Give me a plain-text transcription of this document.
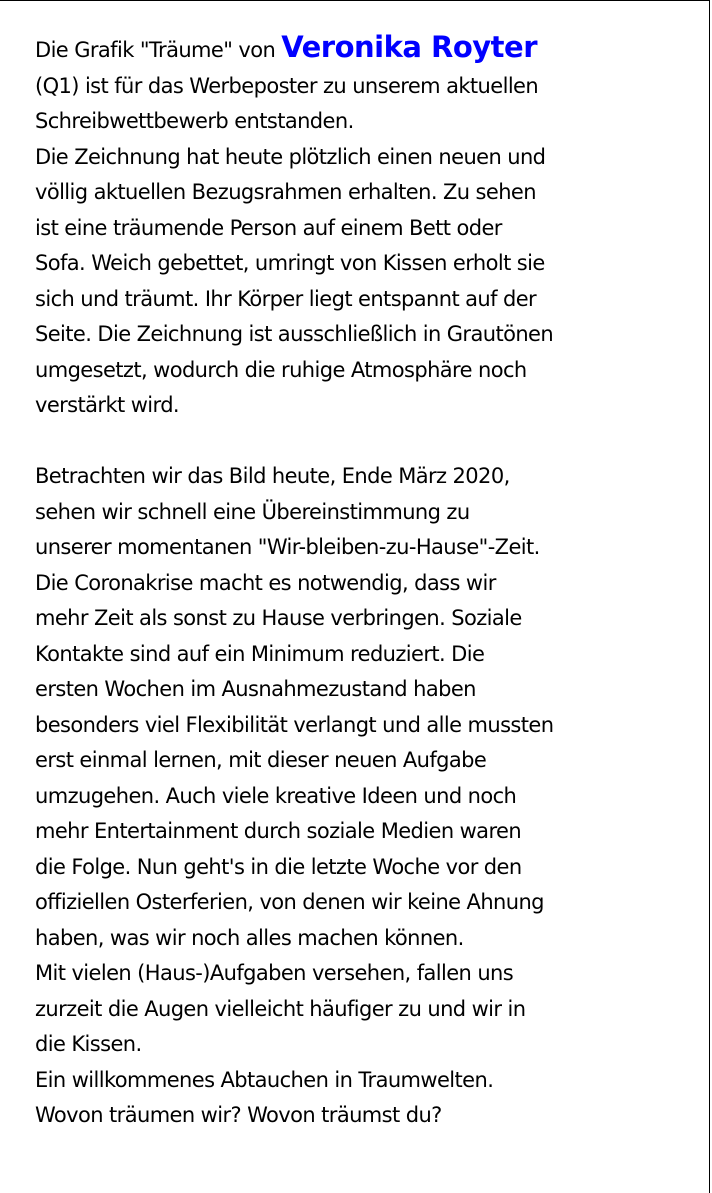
Die Grafik "Träume" von Veronika Royter
(Q1) ist für das Werbeposter zu unserem aktuellen
Schreibwettbewerb entstanden.
Die Zeichnung hat heute plötzlich einen neuen und
völlig aktuellen Bezugsrahmen erhalten. Zu sehen
ist eine träumende Person auf einem Bett oder
Sofa. Weich gebettet, umringt von Kissen erholt sie
sich und träumt. Ihr Körper liegt entspannt auf der
Seite. Die Zeichnung ist ausschließlich in Grautönen
umgesetzt, wodurch die ruhige Atmosphäre noch
verstärkt wird.
Betrachten wir das Bild heute, Ende März 2020,
sehen wir schnell eine Übereinstimmung zu
unserer momentanen "Wir-bleiben-zu-Hause"-Zeit.
Die Coronakrise macht es notwendig, dass wir
mehr Zeit als sonst zu Hause verbringen. Soziale
Kontakte sind auf ein Minimum reduziert. Die
ersten Wochen im Ausnahmezustand haben
besonders viel Flexibilität verlangt und alle mussten
erst einmal lernen, mit dieser neuen Aufgabe
umzugehen. Auch viele kreative Ideen und noch
mehr Entertainment durch soziale Medien waren
die Folge. Nun geht's in die letzte Woche vor den
offiziellen Osterferien, von denen wir keine Ahnung
haben, was wir noch alles machen können.
Mit vielen (Haus-)Aufgaben versehen, fallen uns
zurzeit die Augen vielleicht häufiger zu und wir in
die Kissen.
Ein willkommenes Abtauchen in Traumwelten.
Wovon träumen wir? Wovon träumst du?
